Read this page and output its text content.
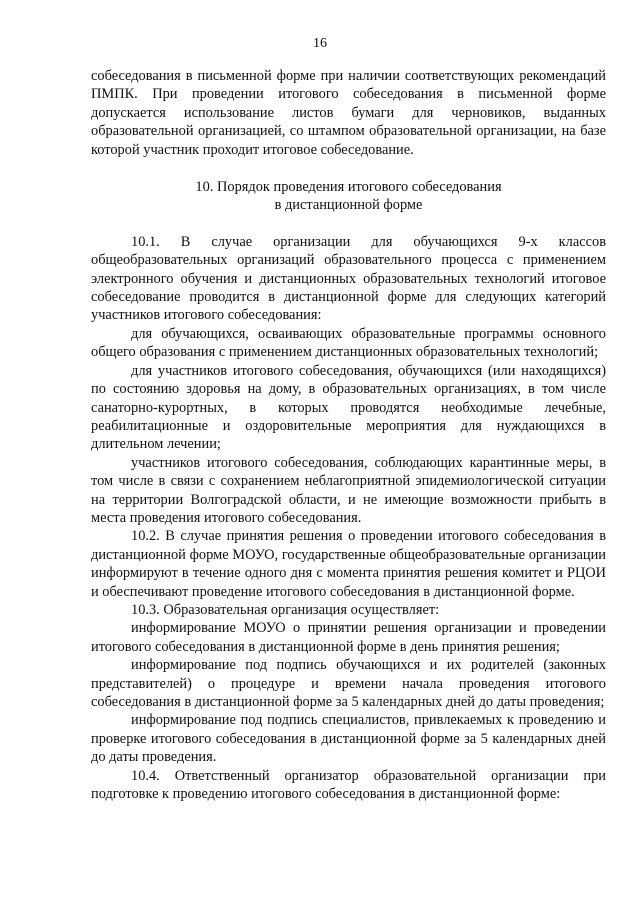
16

собеседования в письменной форме при наличии соответствующих рекомендаций ПМПК. При проведении итогового собеседования в письменной форме допускается использование листов бумаги для черновиков, выданных образовательной организацией, со штампом образовательной организации, на базе которой участник проходит итоговое собеседование.

10. Порядок проведения итогового собеседования
в дистанционной форме

10.1. В случае организации для обучающихся 9-х классов общеобразовательных организаций образовательного процесса с применением электронного обучения и дистанционных образовательных технологий итоговое собеседование проводится в дистанционной форме для следующих категорий участников итогового собеседования:

для обучающихся, осваивающих образовательные программы основного общего образования с применением дистанционных образовательных технологий;

для участников итогового собеседования, обучающихся (или находящихся) по состоянию здоровья на дому, в образовательных организациях, в том числе санаторно-курортных, в которых проводятся необходимые лечебные, реабилитационные и оздоровительные мероприятия для нуждающихся в длительном лечении;

участников итогового собеседования, соблюдающих карантинные меры, в том числе в связи с сохранением неблагоприятной эпидемиологической ситуации на территории Волгоградской области, и не имеющие возможности прибыть в места проведения итогового собеседования.

10.2. В случае принятия решения о проведении итогового собеседования в дистанционной форме МОУО, государственные общеобразовательные организации информируют в течение одного дня с момента принятия решения комитет и РЦОИ и обеспечивают проведение итогового собеседования в дистанционной форме.

10.3. Образовательная организация осуществляет:

информирование МОУО о принятии решения организации и проведении итогового собеседования в дистанционной форме в день принятия решения;

информирование под подпись обучающихся и их родителей (законных представителей) о процедуре и времени начала проведения итогового собеседования в дистанционной форме за 5 календарных дней до даты проведения;

информирование под подпись специалистов, привлекаемых к проведению и проверке итогового собеседования в дистанционной форме за 5 календарных дней до даты проведения.

10.4. Ответственный организатор образовательной организации при подготовке к проведению итогового собеседования в дистанционной форме:
